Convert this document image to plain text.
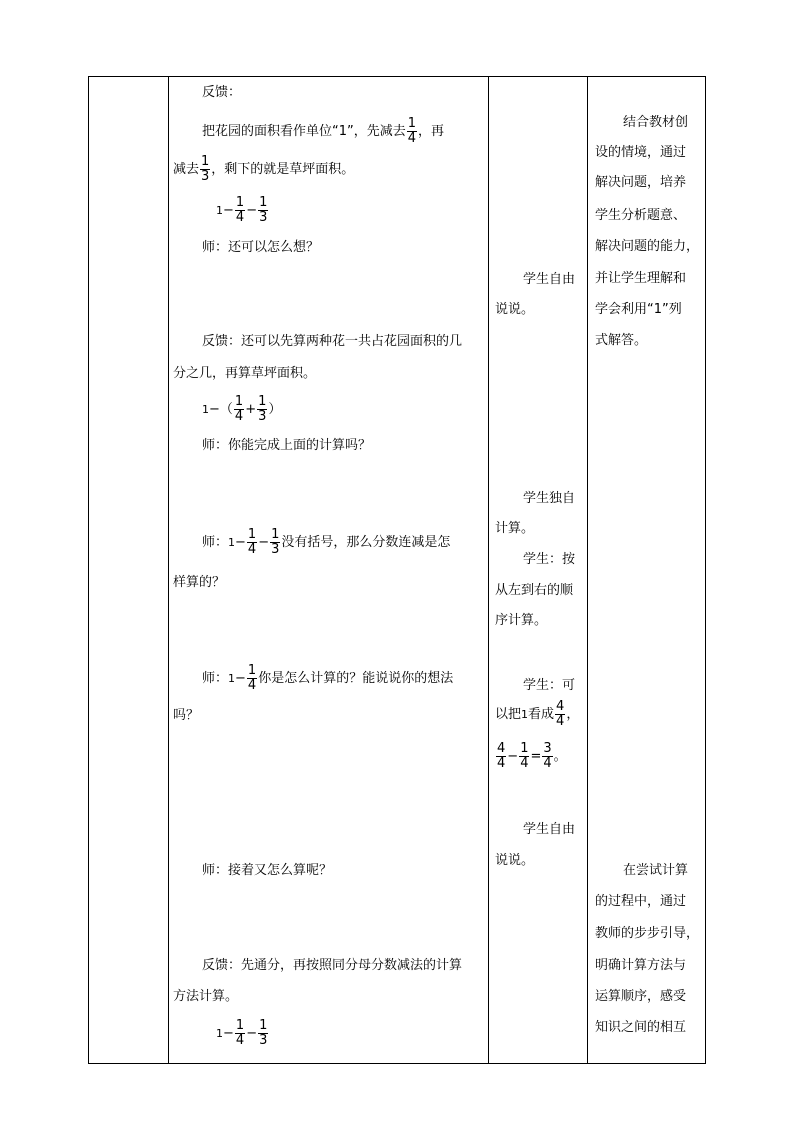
反馈：
把花园的面积看作单位“1”，先减去 $\frac{1}{4}$ ，再
减去 $\frac{1}{3}$ ，剩下的就是草坪面积。
$1- \frac{1}{4} - \frac{1}{3}$
师：还可以怎么想？
反馈：还可以先算两种花一共占花园面积的几
分之几，再算草坪面积。
$1-( \frac{1}{4} + \frac{1}{3}$ ）
师：你能完成上面的计算吗？
师：$1- \frac{1}{4} - \frac{1}{3}$ 没有括号，那么分数连减是怎
样算的？
师：$1- \frac{1}{4}$ 你是怎么计算的？能说说你的想法
吗？
师：接着又怎么算呢？
反馈：先通分，再按照同分母分数减法的计算
方法计算。
$1- \frac{1}{4} - \frac{1}{3}$
学生自由
说说。
学生独自
计算。
学生：按
从左到右的顺
序计算。
学生：可
以把1看成 $\frac{4}{4}$ ，
$\frac{4}{4} - \frac{1}{4} = \frac{3}{4}$ 。
学生自由
说说。
结合教材创
设的情境，通过
解决问题，培养
学生分析题意、
解决问题的能力，
并让学生理解和
学会利用“1”列
式解答。
在尝试计算
的过程中，通过
教师的步步引导，
明确计算方法与
运算顺序，感受
知识之间的相互
